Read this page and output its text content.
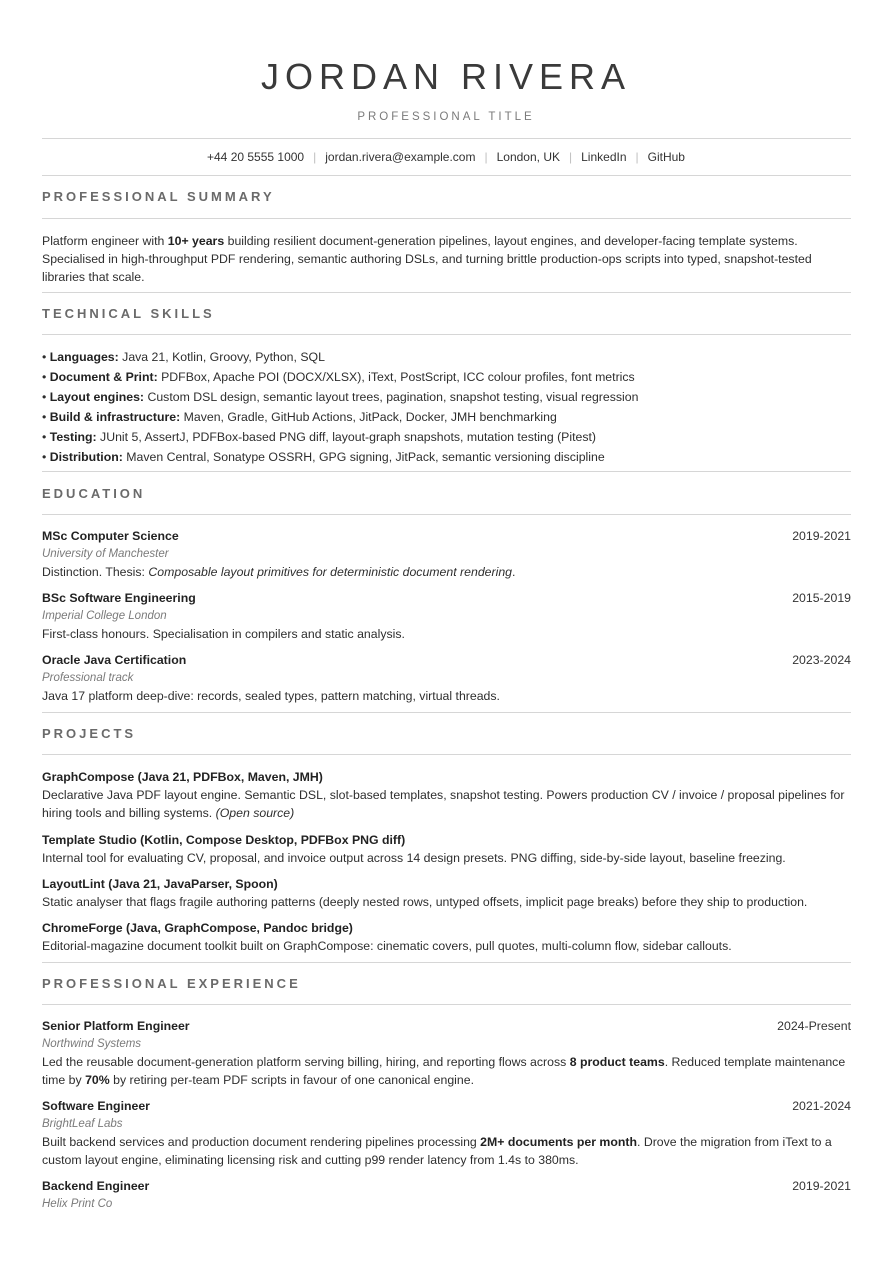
JORDAN RIVERA
PROFESSIONAL TITLE
+44 20 5555 1000 | jordan.rivera@example.com | London, UK | LinkedIn | GitHub
PROFESSIONAL SUMMARY
Platform engineer with 10+ years building resilient document-generation pipelines, layout engines, and developer-facing template systems. Specialised in high-throughput PDF rendering, semantic authoring DSLs, and turning brittle production-ops scripts into typed, snapshot-tested libraries that scale.
TECHNICAL SKILLS
• Languages: Java 21, Kotlin, Groovy, Python, SQL
• Document & Print: PDFBox, Apache POI (DOCX/XLSX), iText, PostScript, ICC colour profiles, font metrics
• Layout engines: Custom DSL design, semantic layout trees, pagination, snapshot testing, visual regression
• Build & infrastructure: Maven, Gradle, GitHub Actions, JitPack, Docker, JMH benchmarking
• Testing: JUnit 5, AssertJ, PDFBox-based PNG diff, layout-graph snapshots, mutation testing (Pitest)
• Distribution: Maven Central, Sonatype OSSRH, GPG signing, JitPack, semantic versioning discipline
EDUCATION
MSc Computer Science	2019-2021
University of Manchester
Distinction. Thesis: Composable layout primitives for deterministic document rendering.
BSc Software Engineering	2015-2019
Imperial College London
First-class honours. Specialisation in compilers and static analysis.
Oracle Java Certification	2023-2024
Professional track
Java 17 platform deep-dive: records, sealed types, pattern matching, virtual threads.
PROJECTS
GraphCompose (Java 21, PDFBox, Maven, JMH)
Declarative Java PDF layout engine. Semantic DSL, slot-based templates, snapshot testing. Powers production CV / invoice / proposal pipelines for hiring tools and billing systems. (Open source)
Template Studio (Kotlin, Compose Desktop, PDFBox PNG diff)
Internal tool for evaluating CV, proposal, and invoice output across 14 design presets. PNG diffing, side-by-side layout, baseline freezing.
LayoutLint (Java 21, JavaParser, Spoon)
Static analyser that flags fragile authoring patterns (deeply nested rows, untyped offsets, implicit page breaks) before they ship to production.
ChromeForge (Java, GraphCompose, Pandoc bridge)
Editorial-magazine document toolkit built on GraphCompose: cinematic covers, pull quotes, multi-column flow, sidebar callouts.
PROFESSIONAL EXPERIENCE
Senior Platform Engineer	2024-Present
Northwind Systems
Led the reusable document-generation platform serving billing, hiring, and reporting flows across 8 product teams. Reduced template maintenance time by 70% by retiring per-team PDF scripts in favour of one canonical engine.
Software Engineer	2021-2024
BrightLeaf Labs
Built backend services and production document rendering pipelines processing 2M+ documents per month. Drove the migration from iText to a custom layout engine, eliminating licensing risk and cutting p99 render latency from 1.4s to 380ms.
Backend Engineer	2019-2021
Helix Print Co
